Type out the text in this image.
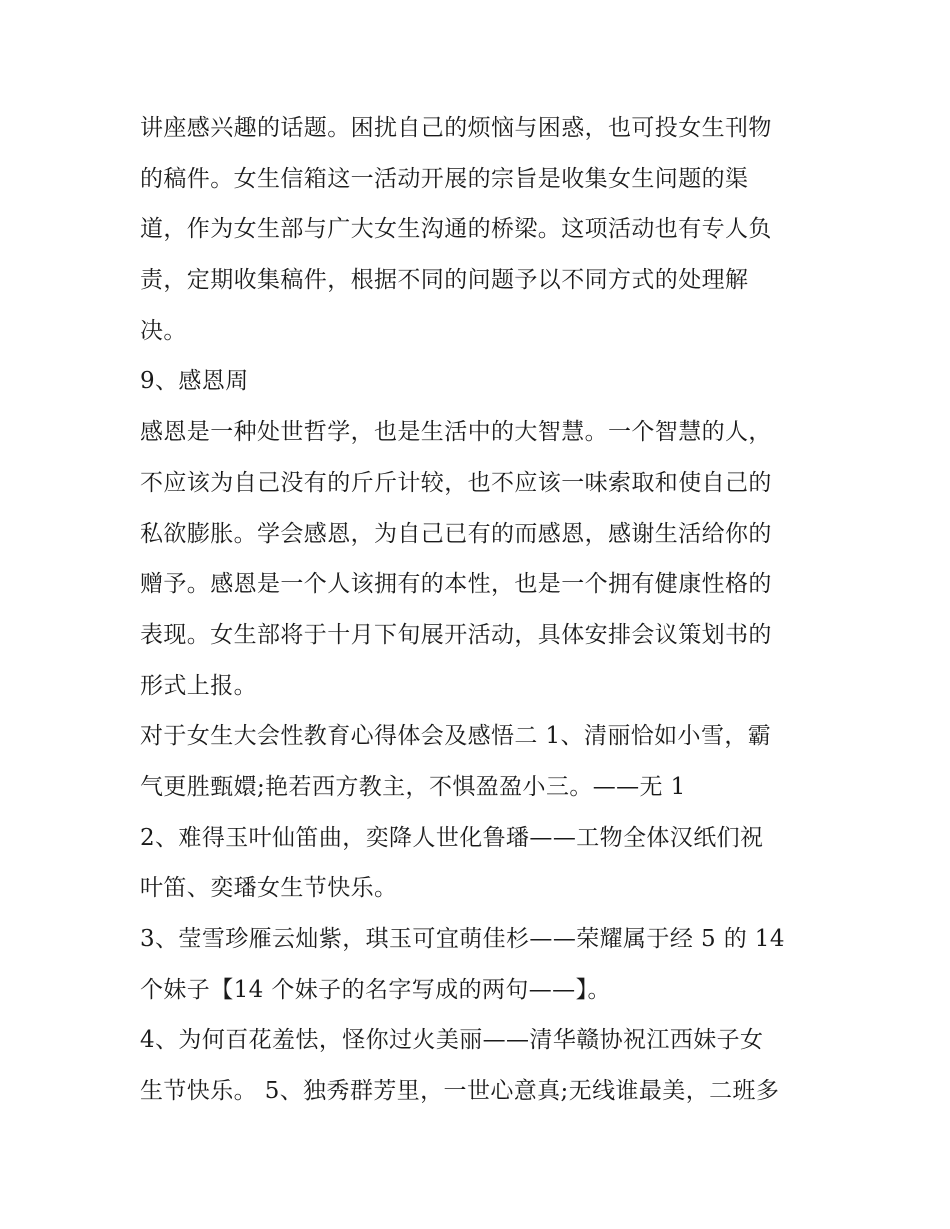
讲座感兴趣的话题。困扰自己的烦恼与困惑，也可投女生刊物
的稿件。女生信箱这一活动开展的宗旨是收集女生问题的渠
道，作为女生部与广大女生沟通的桥梁。这项活动也有专人负
责，定期收集稿件，根据不同的问题予以不同方式的处理解
决。
9、感恩周
感恩是一种处世哲学，也是生活中的大智慧。一个智慧的人，
不应该为自己没有的斤斤计较，也不应该一味索取和使自己的
私欲膨胀。学会感恩，为自己已有的而感恩，感谢生活给你的
赠予。感恩是一个人该拥有的本性，也是一个拥有健康性格的
表现。女生部将于十月下旬展开活动，具体安排会议策划书的
形式上报。
对于女生大会性教育心得体会及感悟二 1、清丽恰如小雪，霸
气更胜甄嬛;艳若西方教主，不惧盈盈小三。——无 1
2、难得玉叶仙笛曲，奕降人世化鲁璠——工物全体汉纸们祝
叶笛、奕璠女生节快乐。
3、莹雪珍雁云灿紫，琪玉可宜萌佳杉——荣耀属于经 5 的 14
个妹子【14 个妹子的名字写成的两句——】。
4、为何百花羞怯，怪你过火美丽——清华赣协祝江西妹子女
生节快乐。 5、独秀群芳里，一世心意真;无线谁最美，二班多
